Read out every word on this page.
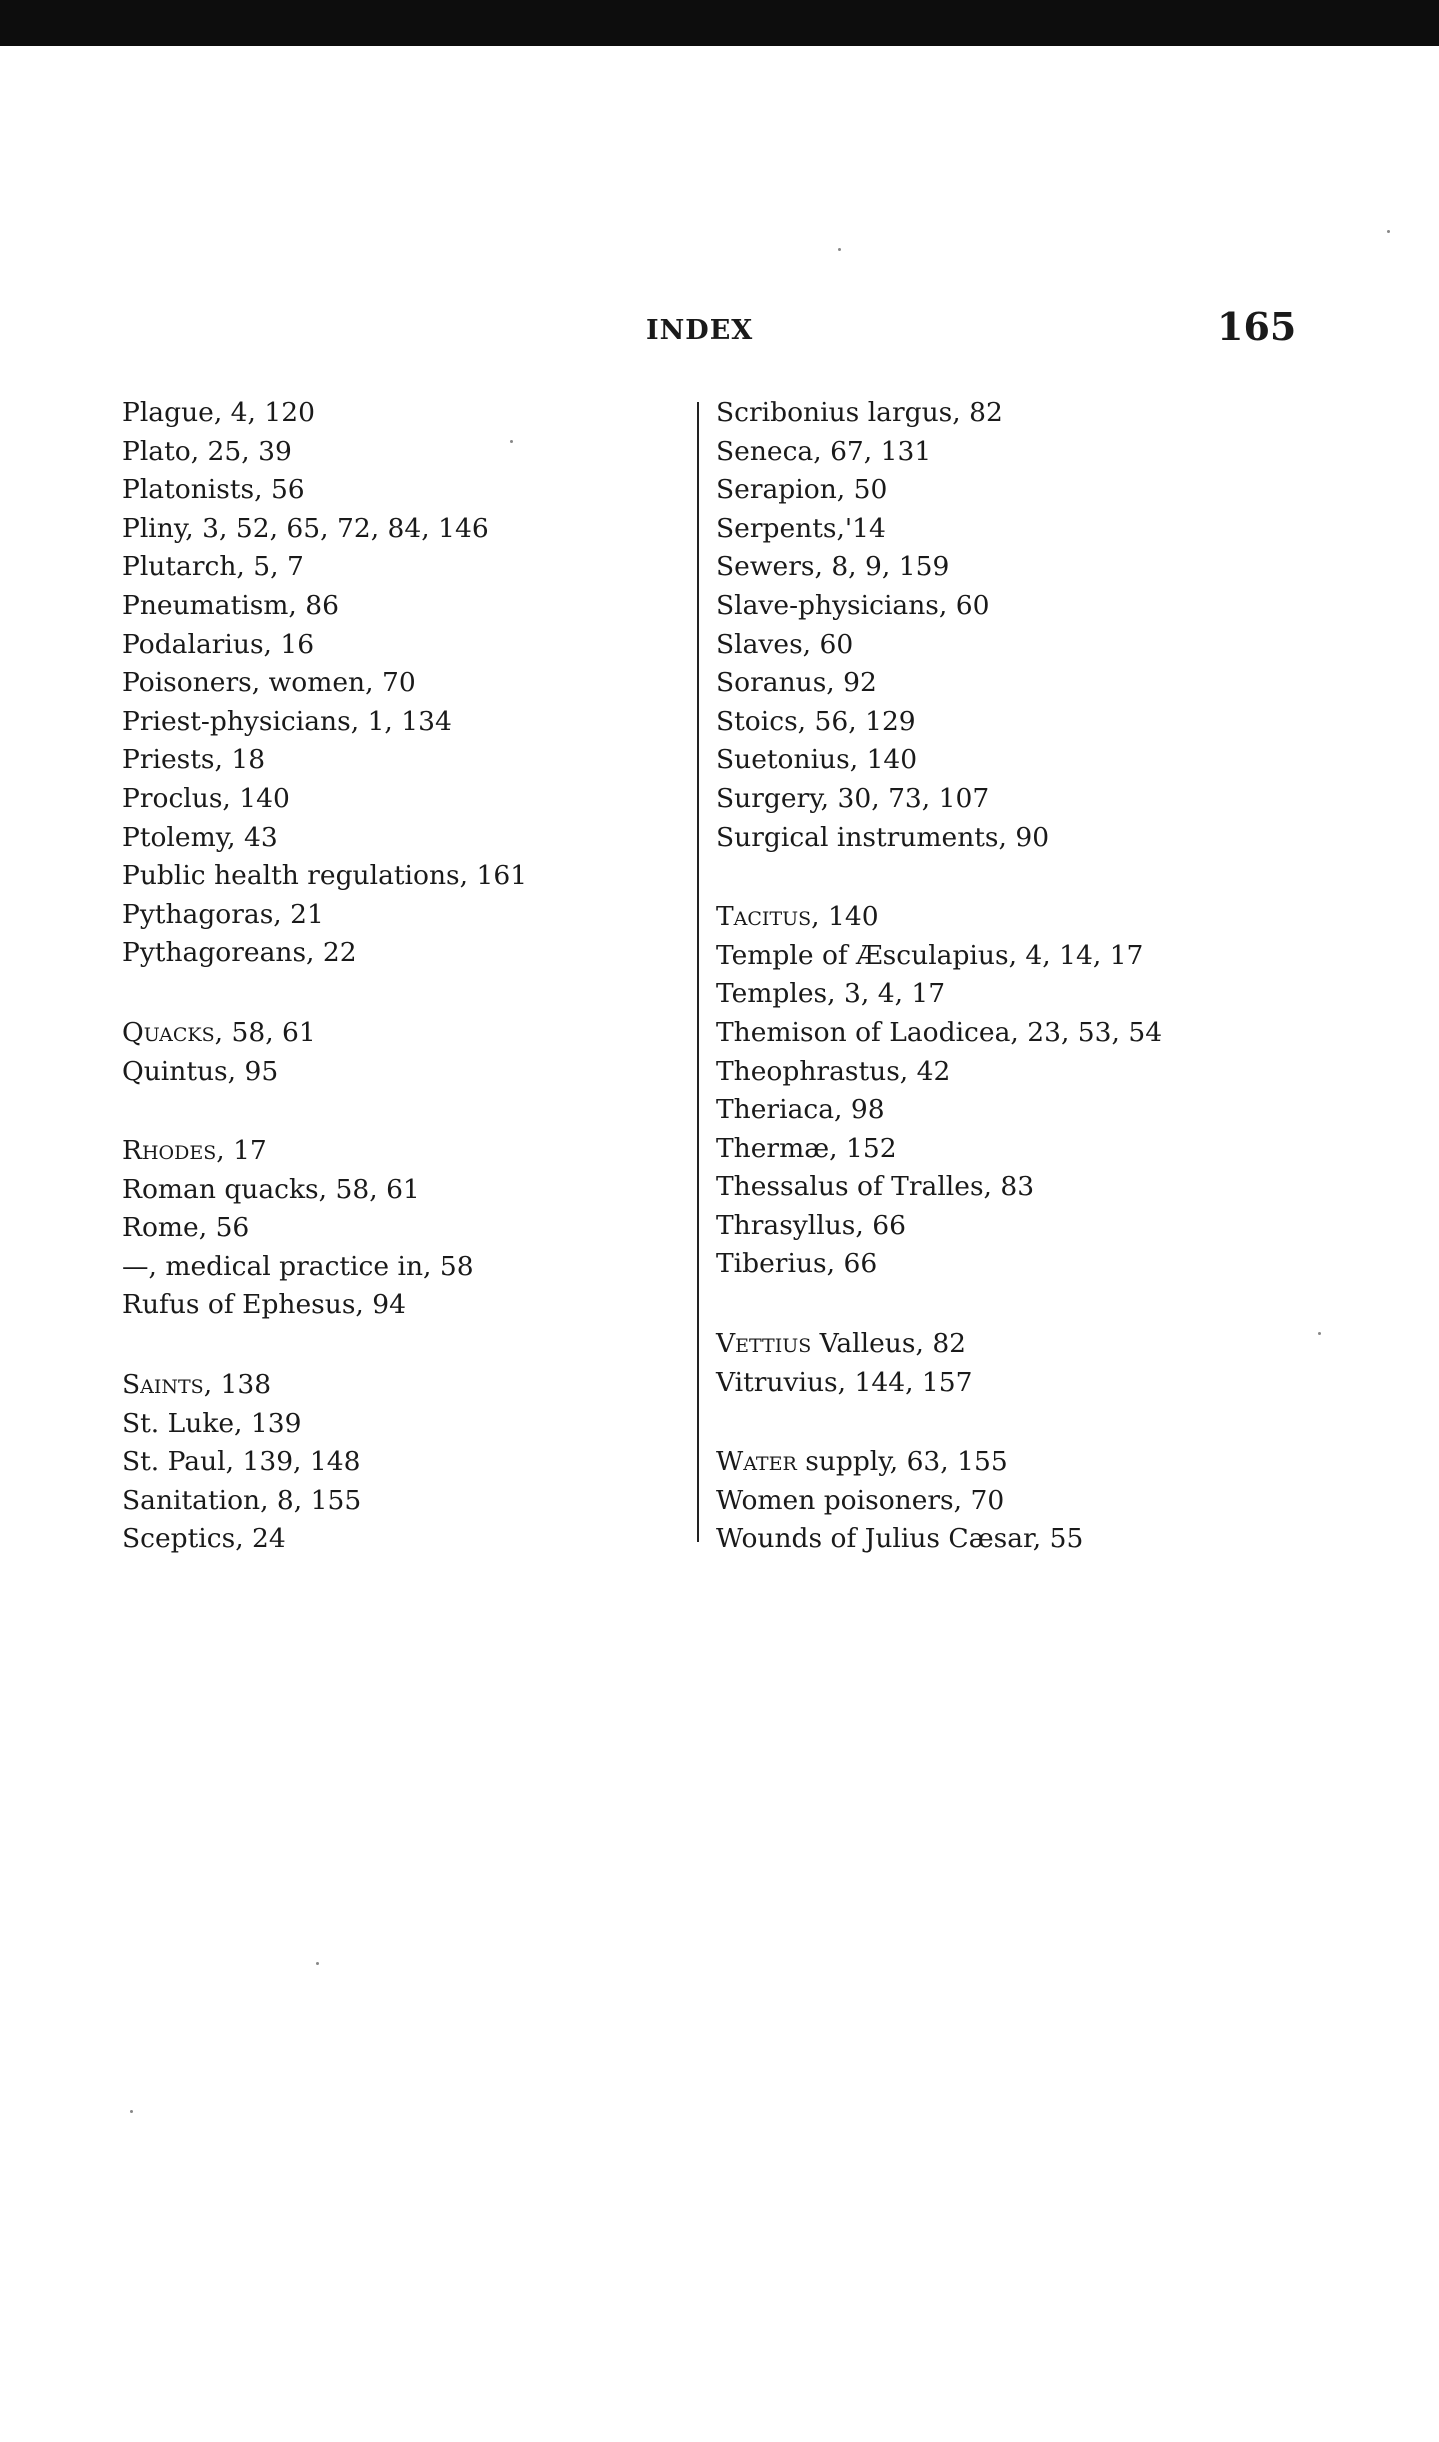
INDEX	165
Plague, 4, 120
Plato, 25, 39
Platonists, 56
Pliny, 3, 52, 65, 72, 84, 146
Plutarch, 5, 7
Pneumatism, 86
Podalarius, 16
Poisoners, women, 70
Priest-physicians, 1, 134
Priests, 18
Proclus, 140
Ptolemy, 43
Public health regulations, 161
Pythagoras, 21
Pythagoreans, 22
Quacks, 58, 61
Quintus, 95
Rhodes, 17
Roman quacks, 58, 61
Rome, 56
—, medical practice in, 58
Rufus of Ephesus, 94
Saints, 138
St. Luke, 139
St. Paul, 139, 148
Sanitation, 8, 155
Sceptics, 24
Scribonius largus, 82
Seneca, 67, 131
Serapion, 50
Serpents,'14
Sewers, 8, 9, 159
Slave-physicians, 60
Slaves, 60
Soranus, 92
Stoics, 56, 129
Suetonius, 140
Surgery, 30, 73, 107
Surgical instruments, 90
Tacitus, 140
Temple of Æsculapius, 4, 14, 17
Temples, 3, 4, 17
Themison of Laodicea, 23, 53, 54
Theophrastus, 42
Theriaca, 98
Thermæ, 152
Thessalus of Tralles, 83
Thrasyllus, 66
Tiberius, 66
Vettius Valleus, 82
Vitruvius, 144, 157
Water supply, 63, 155
Women poisoners, 70
Wounds of Julius Cæsar, 55
